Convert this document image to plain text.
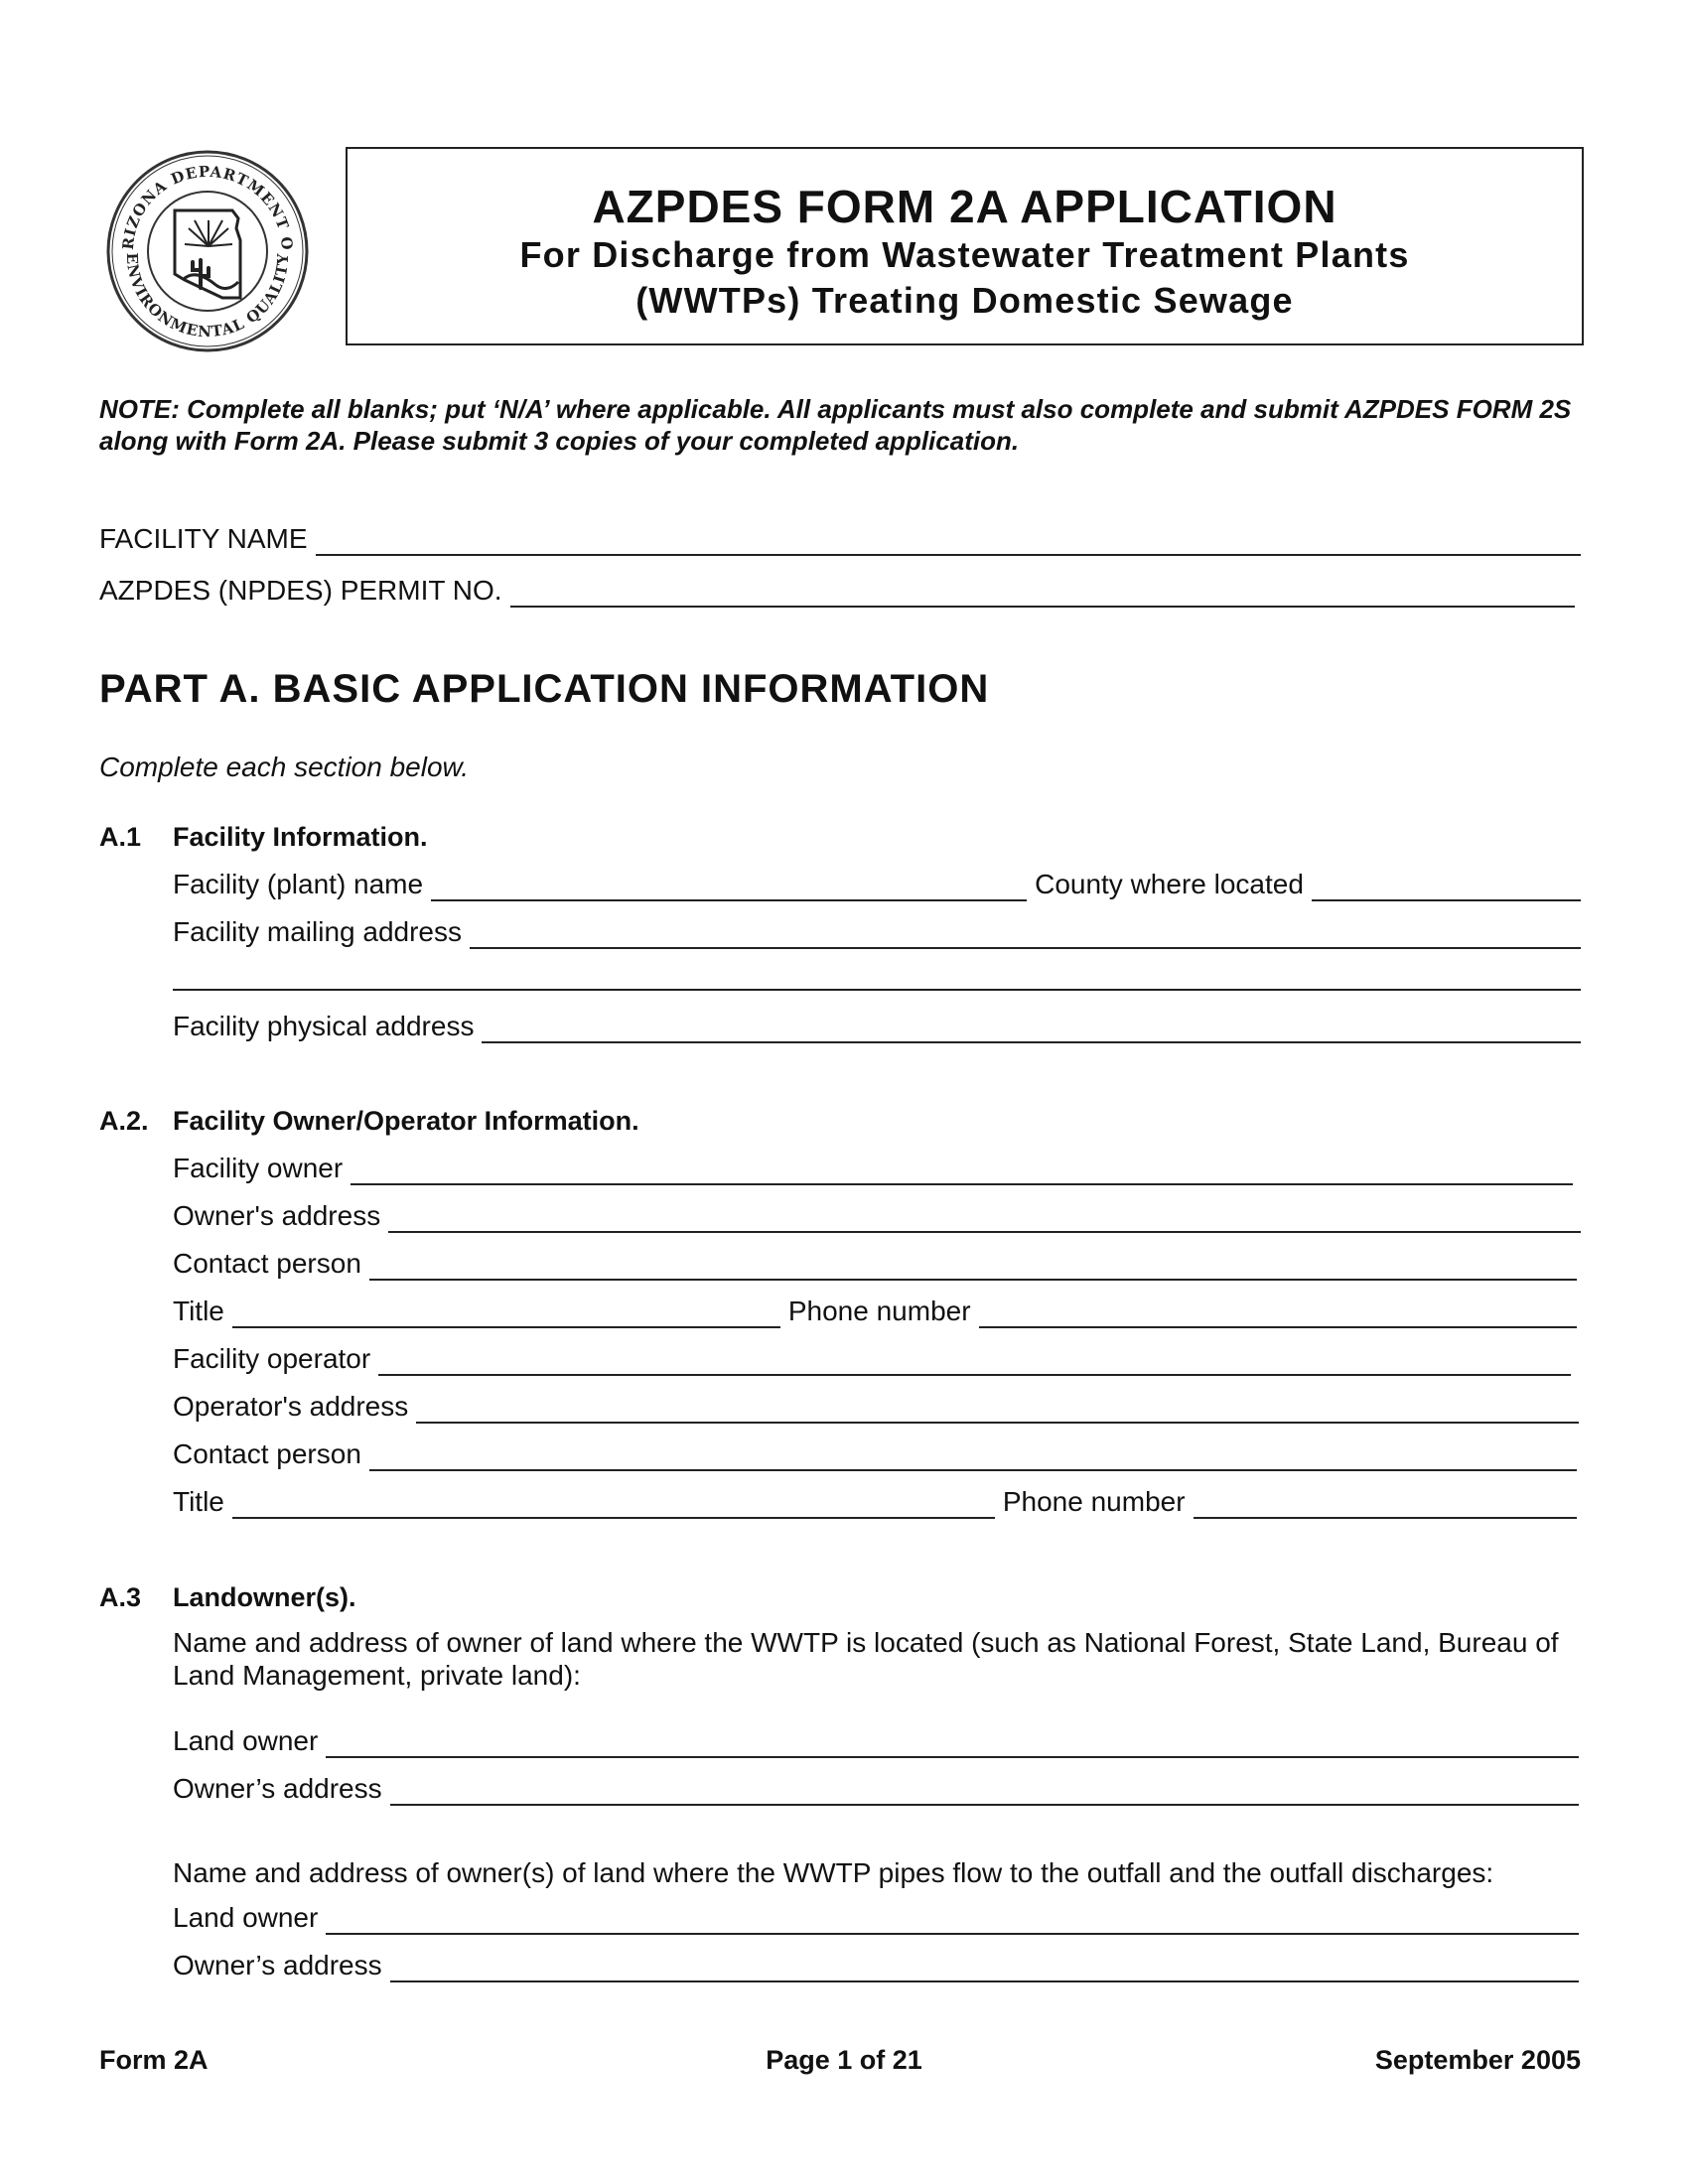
RIZONA DEPARTMENT O
ENVIRONMENTAL QUALITY
AZPDES FORM 2A APPLICATION
For Discharge from Wastewater Treatment Plants
(WWTPs) Treating Domestic Sewage
NOTE: Complete all blanks; put ‘N/A’ where applicable. All applicants must also complete and submit AZPDES FORM 2S along with Form 2A. Please submit 3 copies of your completed application.
FACILITY NAME
AZPDES (NPDES) PERMIT NO.
PART A. BASIC APPLICATION INFORMATION
Complete each section below.
A.1 Facility Information.
Facility (plant) name	County where located
Facility mailing address
Facility physical address
A.2. Facility Owner/Operator Information.
Facility owner
Owner's address
Contact person
Title	Phone number
Facility operator
Operator's address
Contact person
Title	Phone number
A.3 Landowner(s).
Name and address of owner of land where the WWTP is located (such as National Forest, State Land, Bureau of Land Management, private land):
Land owner
Owner’s address
Name and address of owner(s) of land where the WWTP pipes flow to the outfall and the outfall discharges:
Land owner
Owner’s address
Form 2A	Page 1 of 21	September 2005
